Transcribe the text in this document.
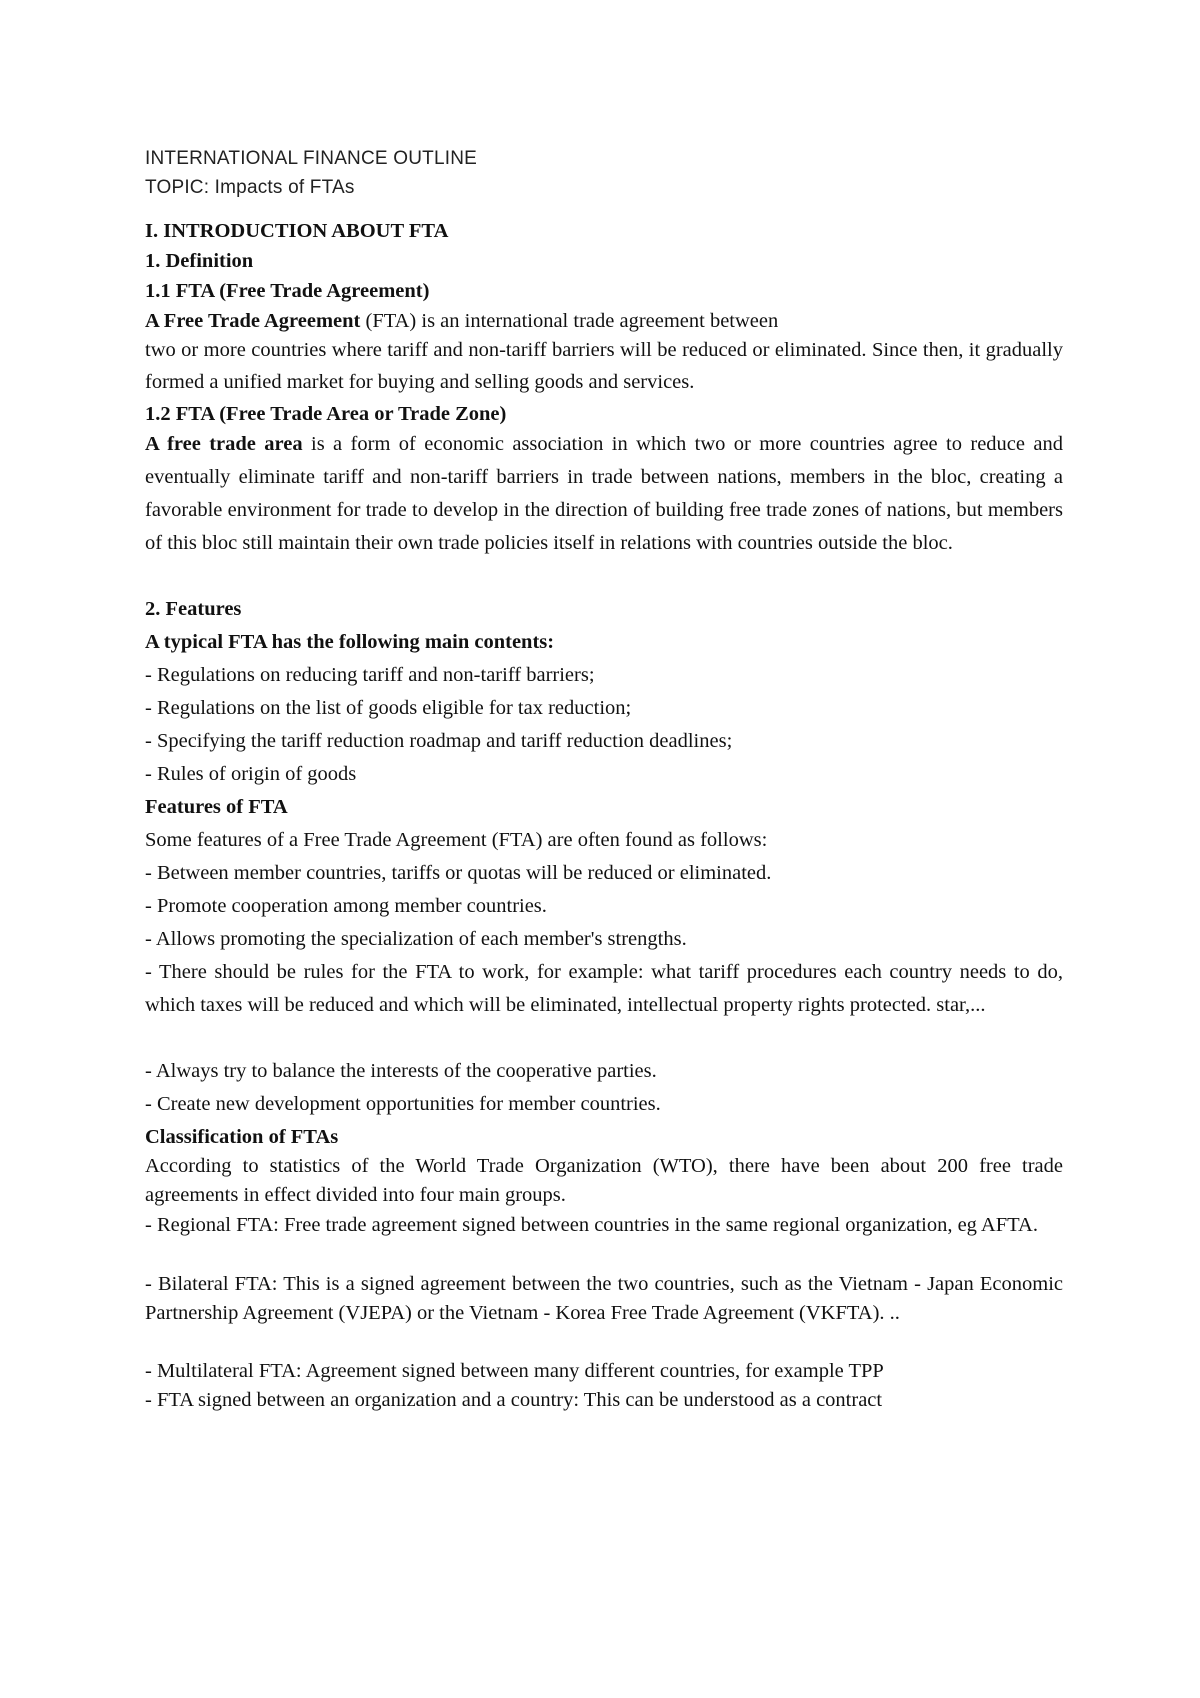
INTERNATIONAL FINANCE OUTLINE
TOPIC: Impacts of FTAs

I. INTRODUCTION ABOUT FTA

1. Definition

1.1 FTA (Free Trade Agreement)

A Free Trade Agreement (FTA) is an international trade agreement between

two or more countries where tariff and non-tariff barriers will be reduced or eliminated. Since then, it gradually formed a unified market for buying and selling goods and services.

1.2 FTA (Free Trade Area or Trade Zone)

A free trade area is a form of economic association in which two or more countries agree to reduce and eventually eliminate tariff and non-tariff barriers in trade between nations, members in the bloc, creating a favorable environment for trade to develop in the direction of building free trade zones of nations, but members of this bloc still maintain their own trade policies itself in relations with countries outside the bloc.

2. Features

A typical FTA has the following main contents:

- Regulations on reducing tariff and non-tariff barriers;

- Regulations on the list of goods eligible for tax reduction;

- Specifying the tariff reduction roadmap and tariff reduction deadlines;

- Rules of origin of goods

Features of FTA

Some features of a Free Trade Agreement (FTA) are often found as follows:

- Between member countries, tariffs or quotas will be reduced or eliminated.

- Promote cooperation among member countries.

- Allows promoting the specialization of each member's strengths.

- There should be rules for the FTA to work, for example: what tariff procedures each country needs to do, which taxes will be reduced and which will be eliminated, intellectual property rights protected. star,...

- Always try to balance the interests of the cooperative parties.

- Create new development opportunities for member countries.

Classification of FTAs

According to statistics of the World Trade Organization (WTO), there have been about 200 free trade agreements in effect divided into four main groups.

- Regional FTA: Free trade agreement signed between countries in the same regional organization, eg AFTA.

- Bilateral FTA: This is a signed agreement between the two countries, such as the Vietnam - Japan Economic Partnership Agreement (VJEPA) or the Vietnam - Korea Free Trade Agreement (VKFTA). ..

- Multilateral FTA: Agreement signed between many different countries, for example TPP

- FTA signed between an organization and a country: This can be understood as a contract
